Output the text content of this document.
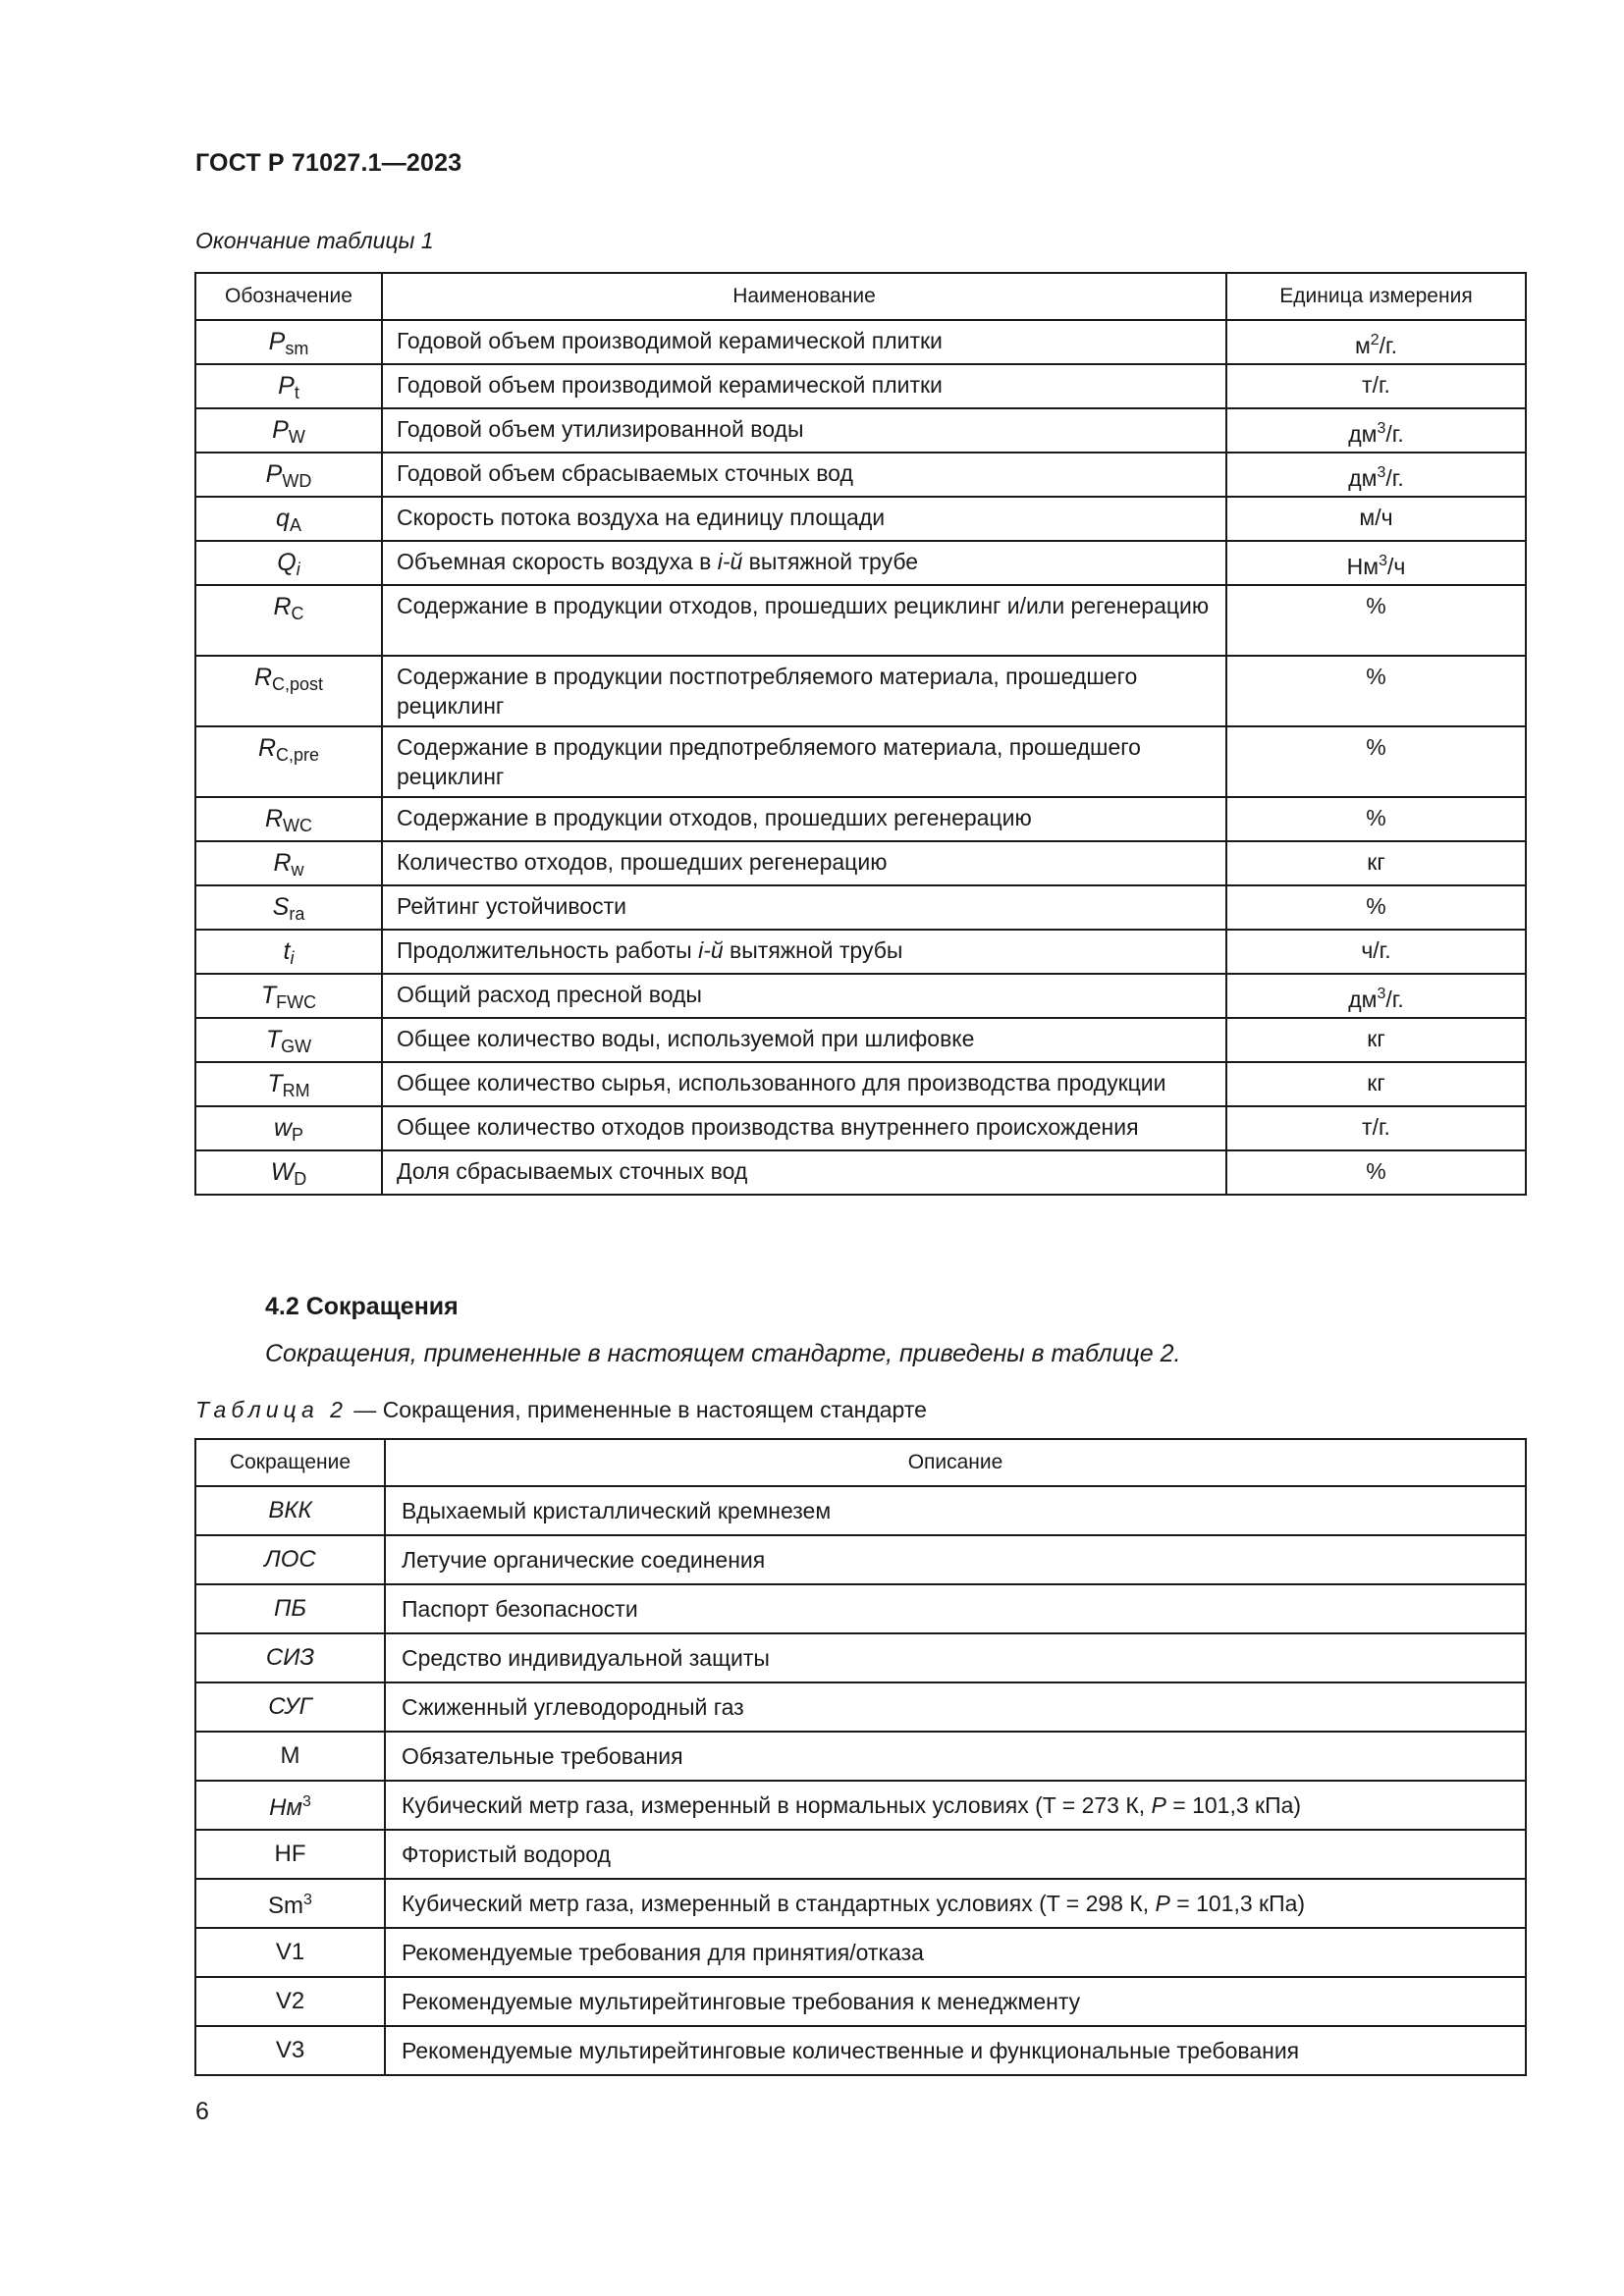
ГОСТ Р 71027.1—2023
Окончание таблицы 1
Обозначение	Наименование	Единица измерения
$P_{sm}$	Годовой объем производимой керамической плитки	$м^2/г$.
$P_t$	Годовой объем производимой керамической плитки	т/г.
$P_W$	Годовой объем утилизированной воды	$дм^3/г$.
$P_{WD}$	Годовой объем сбрасываемых сточных вод	$дм^3/г$.
$q_A$	Скорость потока воздуха на единицу площади	м/ч
$Q_i$	Объемная скорость воздуха в i-й вытяжной трубе	$Нм^3/ч$
$R_C$	Содержание в продукции отходов, прошедших рециклинг и/или регенерацию	%
$R_{C,post}$	Содержание в продукции постпотребляемого материала, прошедшего рециклинг	%
$R_{C,pre}$	Содержание в продукции предпотребляемого материала, прошедшего рециклинг	%
$R_{WC}$	Содержание в продукции отходов, прошедших регенерацию	%
$R_w$	Количество отходов, прошедших регенерацию	кг
$S_{ra}$	Рейтинг устойчивости	%
$t_i$	Продолжительность работы i-й вытяжной трубы	ч/г.
$T_{FWC}$	Общий расход пресной воды	$дм^3/г$.
$T_{GW}$	Общее количество воды, используемой при шлифовке	кг
$T_{RM}$	Общее количество сырья, использованного для производства продукции	кг
$w_P$	Общее количество отходов производства внутреннего происхождения	т/г.
$W_D$	Доля сбрасываемых сточных вод	%
4.2 Сокращения
Сокращения, примененные в настоящем стандарте, приведены в таблице 2.
Таблица 2 — Сокращения, примененные в настоящем стандарте
Сокращение	Описание
ВКК	Вдыхаемый кристаллический кремнезем
ЛОС	Летучие органические соединения
ПБ	Паспорт безопасности
СИЗ	Средство индивидуальной защиты
СУГ	Сжиженный углеводородный газ
M	Обязательные требования
$Нм^3$	Кубический метр газа, измеренный в нормальных условиях (T = 273 К, P = 101,3 кПа)
HF	Фтористый водород
Sm$^3$	Кубический метр газа, измеренный в стандартных условиях (T = 298 К, P = 101,3 кПа)
V1	Рекомендуемые требования для принятия/отказа
V2	Рекомендуемые мультирейтинговые требования к менеджменту
V3	Рекомендуемые мультирейтинговые количественные и функциональные требования
6
